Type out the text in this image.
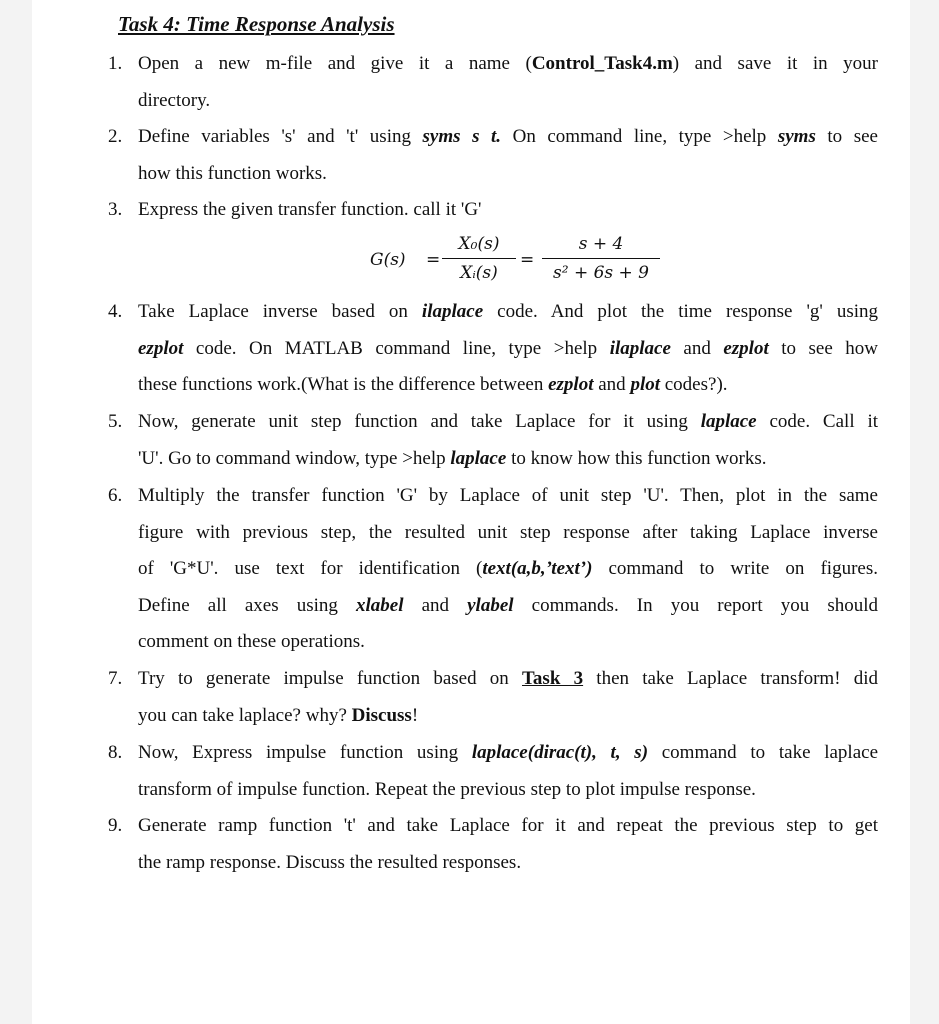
Task 4: Time Response Analysis
1. Open a new m-file and give it a name (Control_Task4.m) and save it in your
directory.
2. Define variables 's' and 't' using syms s t. On command line, type >help syms to see
how this function works.
3. Express the given transfer function. call it 'G'
G(s) =
X₀(s)
Xᵢ(s)
=
s + 4
s² + 6s + 9
4. Take Laplace inverse based on ilaplace code. And plot the time response 'g' using
ezplot code. On MATLAB command line, type >help ilaplace and ezplot to see how
these functions work.(What is the difference between ezplot and plot codes?).
5. Now, generate unit step function and take Laplace for it using laplace code. Call it
'U'. Go to command window, type >help laplace to know how this function works.
6. Multiply the transfer function 'G' by Laplace of unit step 'U'. Then, plot in the same
figure with previous step, the resulted unit step response after taking Laplace inverse
of 'G*U'. use text for identification (text(a,b,’text’) command to write on figures.
Define all axes using xlabel and ylabel commands. In you report you should
comment on these operations.
7. Try to generate impulse function based on Task 3 then take Laplace transform! did
you can take laplace? why? Discuss!
8. Now, Express impulse function using laplace(dirac(t), t, s) command to take laplace
transform of impulse function. Repeat the previous step to plot impulse response.
9. Generate ramp function 't' and take Laplace for it and repeat the previous step to get
the ramp response. Discuss the resulted responses.
